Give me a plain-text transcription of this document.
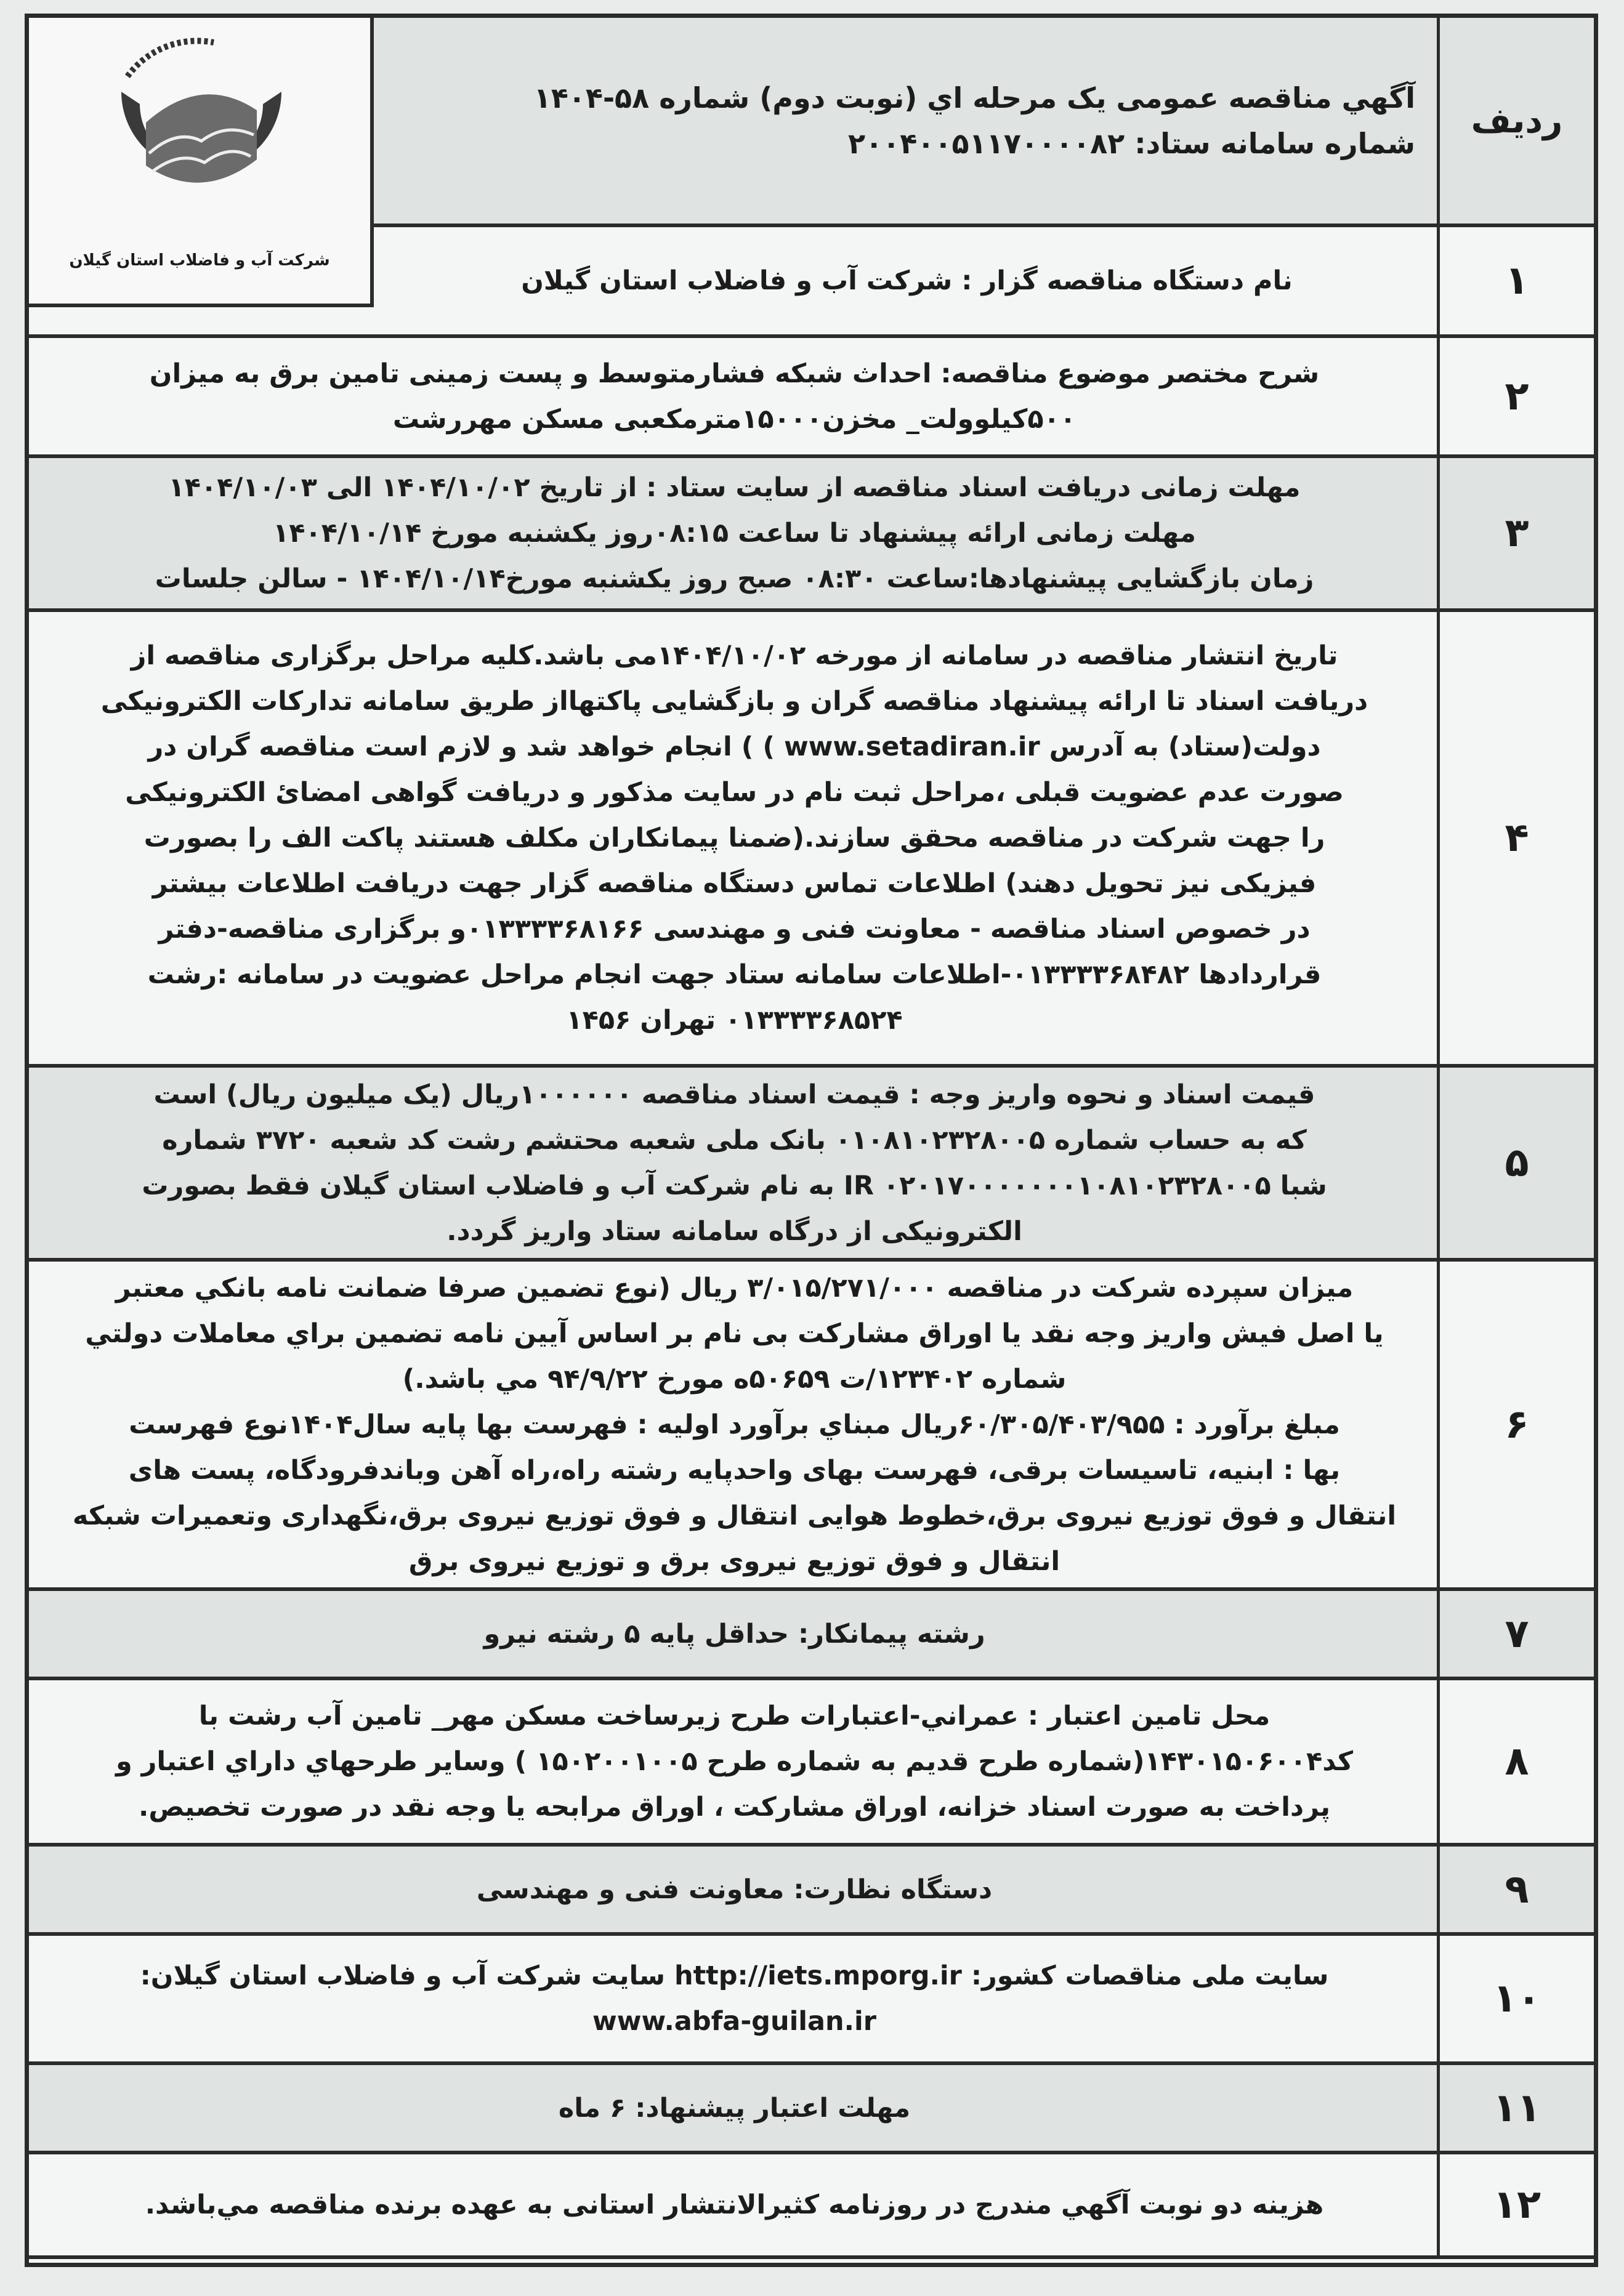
شرکت آب و فاضلاب استان گیلان
ردیف
آگهي مناقصه عمومی یک مرحله اي (نوبت دوم) شماره ۵۸-۱۴۰۴
شماره سامانه ستاد: ۲۰۰۴۰۰۵۱۱۷۰۰۰۰۸۲
۱
نام دستگاه مناقصه گزار : شرکت آب و فاضلاب استان گیلان
۲
شرح مختصر موضوع مناقصه: احداث شبکه فشارمتوسط و پست زمینی تامین برق به میزان
۵۰۰کیلوولت_ مخزن۱۵۰۰۰مترمکعبی مسکن مهررشت
۳
مهلت زمانی دریافت اسناد مناقصه از سایت ستاد : از تاریخ ۱۴۰۴/۱۰/۰۲ الی ۱۴۰۴/۱۰/۰۳
مهلت زمانی ارائه پیشنهاد تا ساعت ۰۸:۱۵روز یکشنبه مورخ ۱۴۰۴/۱۰/۱۴
زمان بازگشایی پیشنهادها:ساعت ۰۸:۳۰ صبح روز یکشنبه مورخ۱۴۰۴/۱۰/۱۴ - سالن جلسات
۴
تاریخ انتشار مناقصه در سامانه از مورخه ۱۴۰۴/۱۰/۰۲می باشد.کلیه مراحل برگزاری مناقصه از
دریافت اسناد تا ارائه پیشنهاد مناقصه گران و بازگشایی پاکتهااز طریق سامانه تدارکات الکترونیکی
دولت(ستاد) به آدرس www.setadiran.ir ) ) انجام خواهد شد و لازم است مناقصه گران در
صورت عدم عضویت قبلی ،مراحل ثبت نام در سایت مذکور و دریافت گواهی امضائ الکترونیکی
را جهت شرکت در مناقصه محقق سازند.(ضمنا پیمانکاران مکلف هستند پاکت الف را بصورت
فیزیکی نیز تحویل دهند) اطلاعات تماس دستگاه مناقصه گزار جهت دریافت اطلاعات بیشتر
در خصوص اسناد مناقصه - معاونت فنی و مهندسی ۰۱۳۳۳۳۶۸۱۶۶و برگزاری مناقصه-دفتر
قراردادها ۰۱۳۳۳۳۶۸۴۸۲-اطلاعات سامانه ستاد جهت انجام مراحل عضویت در سامانه :رشت
۰۱۳۳۳۳۶۸۵۲۴ تهران ۱۴۵۶
۵
قیمت اسناد و نحوه واریز وجه : قیمت اسناد مناقصه ۱۰۰۰۰۰۰ریال (یک میلیون ریال) است
که به حساب شماره ۰۱۰۸۱۰۲۳۲۸۰۰۵ بانک ملی شعبه محتشم رشت کد شعبه ۳۷۲۰ شماره
شبا IR ۰۲۰۱۷۰۰۰۰۰۰۰۱۰۸۱۰۲۳۲۸۰۰۵ به نام شرکت آب و فاضلاب استان گیلان فقط بصورت
الکترونیکی از درگاه سامانه ستاد واریز گردد.
۶
میزان سپرده شرکت در مناقصه ۳/۰۱۵/۲۷۱/۰۰۰ ریال (نوع تضمین صرفا ضمانت نامه بانکي معتبر
یا اصل فیش واریز وجه نقد یا اوراق مشارکت بی نام بر اساس آیین نامه تضمین براي معاملات دولتي
شماره ۱۲۳۴۰۲/ت ۵۰۶۵۹ه مورخ ۹۴/۹/۲۲ مي باشد.)
مبلغ برآورد : ۶۰/۳۰۵/۴۰۳/۹۵۵ریال مبناي برآورد اولیه : فهرست بها پایه سال۱۴۰۴نوع فهرست
بها : ابنیه، تاسیسات برقی، فهرست بهای واحدپایه رشته راه،راه آهن وباندفرودگاه، پست های
انتقال و فوق توزیع نیروی برق،خطوط هوایی انتقال و فوق توزیع نیروی برق،نگهداری وتعمیرات شبکه
انتقال و فوق توزیع نیروی برق و توزیع نیروی برق
۷
رشته پیمانکار: حداقل پایه ۵ رشته نیرو
۸
محل تامین اعتبار : عمراني-اعتبارات طرح زیرساخت مسکن مهر_ تامین آب رشت با
کد۱۴۳۰۱۵۰۶۰۰۴(شماره طرح قدیم به شماره طرح ۱۵۰۲۰۰۱۰۰۵ ) وسایر طرحهاي داراي اعتبار و
پرداخت به صورت اسناد خزانه، اوراق مشارکت ، اوراق مرابحه یا وجه نقد در صورت تخصیص.
۹
دستگاه نظارت: معاونت فنی و مهندسی
۱۰
سایت ملی مناقصات کشور: http://iets.mporg.ir سایت شرکت آب و فاضلاب استان گیلان:
www.abfa-guilan.ir
۱۱
مهلت اعتبار پیشنهاد: ۶ ماه
۱۲
هزینه دو نوبت آگهي مندرج در روزنامه کثیرالانتشار استانی به عهده برنده مناقصه مي‌باشد.
